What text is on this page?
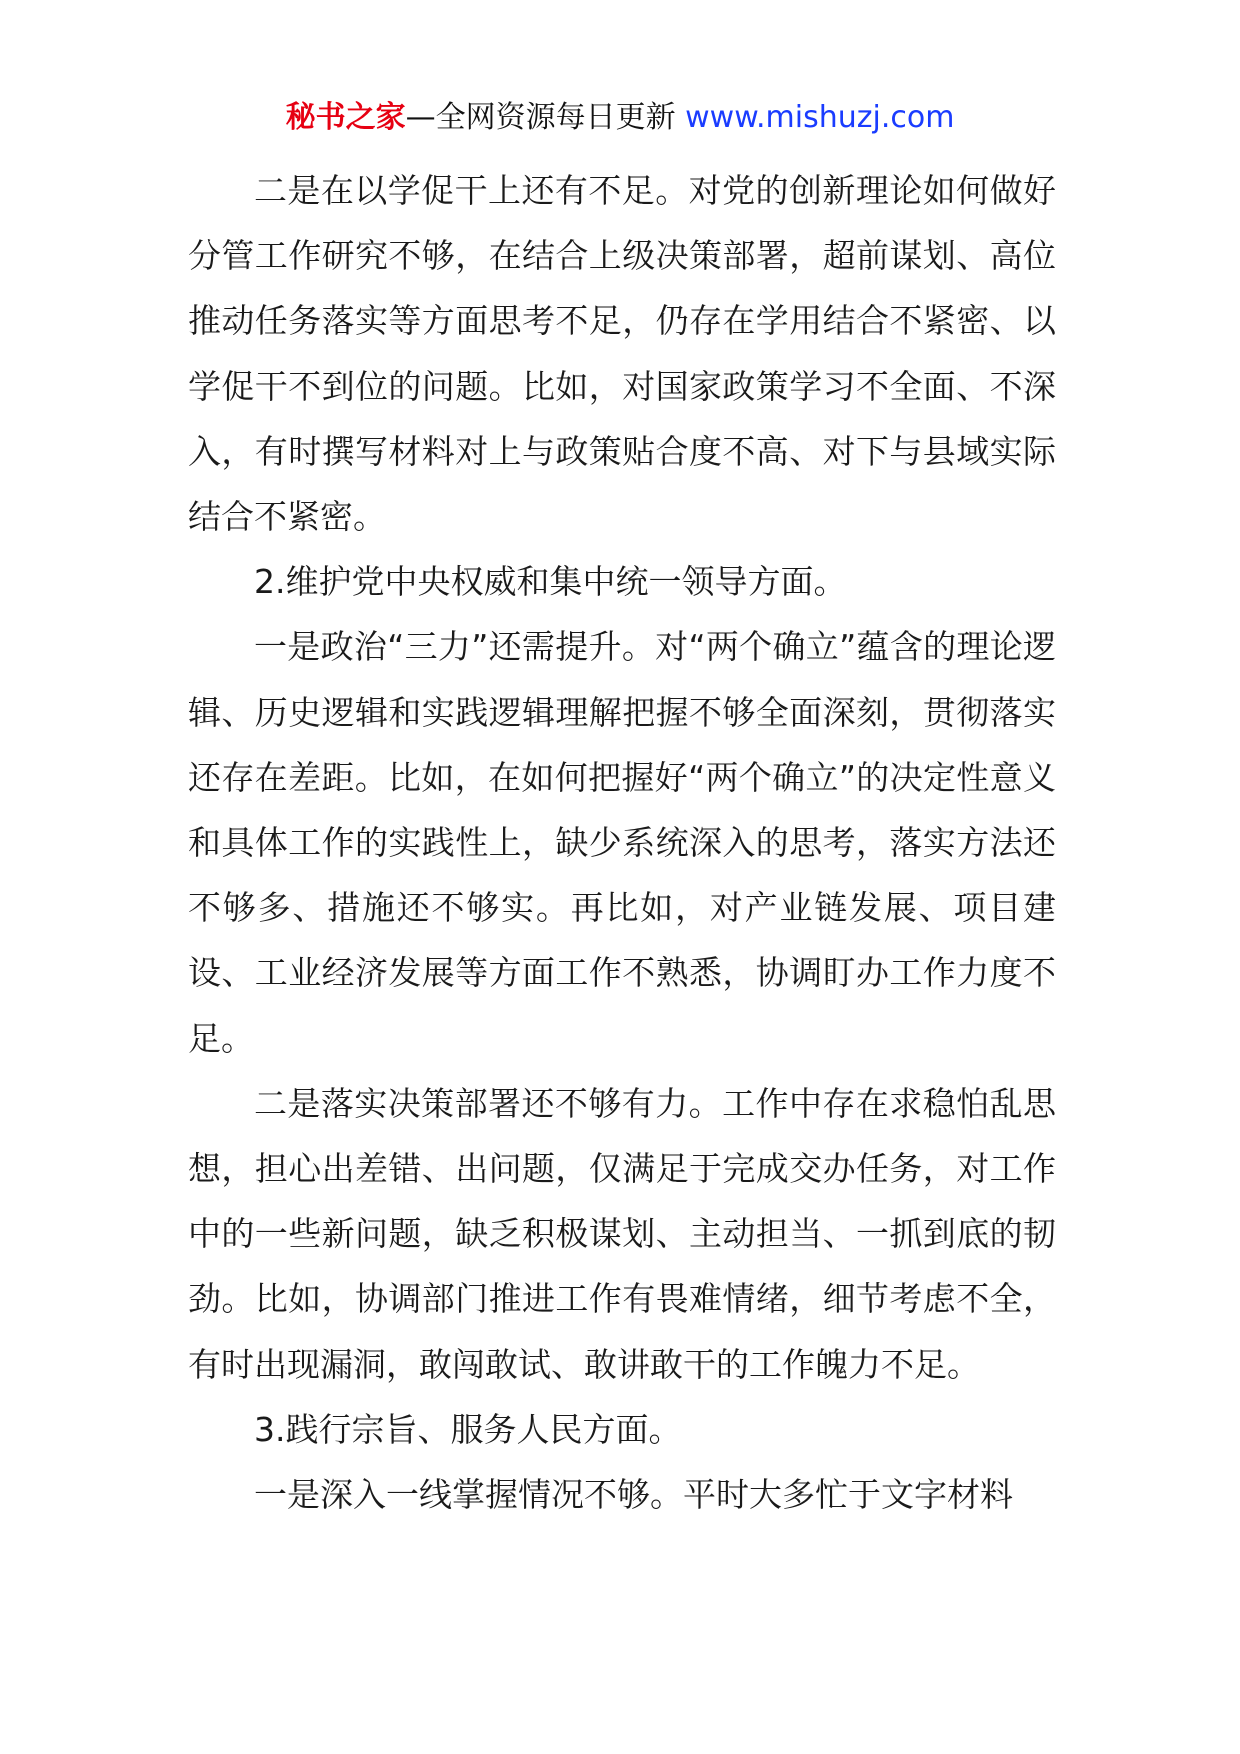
秘书之家—全网资源每日更新 www.mishuzj.com

二是在以学促干上还有不足。对党的创新理论如何做好分管工作研究不够，在结合上级决策部署，超前谋划、高位推动任务落实等方面思考不足，仍存在学用结合不紧密、以学促干不到位的问题。比如，对国家政策学习不全面、不深入，有时撰写材料对上与政策贴合度不高、对下与县域实际结合不紧密。

2.维护党中央权威和集中统一领导方面。

一是政治“三力”还需提升。对“两个确立”蕴含的理论逻辑、历史逻辑和实践逻辑理解把握不够全面深刻，贯彻落实还存在差距。比如，在如何把握好“两个确立”的决定性意义和具体工作的实践性上，缺少系统深入的思考，落实方法还不够多、措施还不够实。再比如，对产业链发展、项目建设、工业经济发展等方面工作不熟悉，协调盯办工作力度不足。

二是落实决策部署还不够有力。工作中存在求稳怕乱思想，担心出差错、出问题，仅满足于完成交办任务，对工作中的一些新问题，缺乏积极谋划、主动担当、一抓到底的韧劲。比如，协调部门推进工作有畏难情绪，细节考虑不全，有时出现漏洞，敢闯敢试、敢讲敢干的工作魄力不足。

3.践行宗旨、服务人民方面。

一是深入一线掌握情况不够。平时大多忙于文字材料
